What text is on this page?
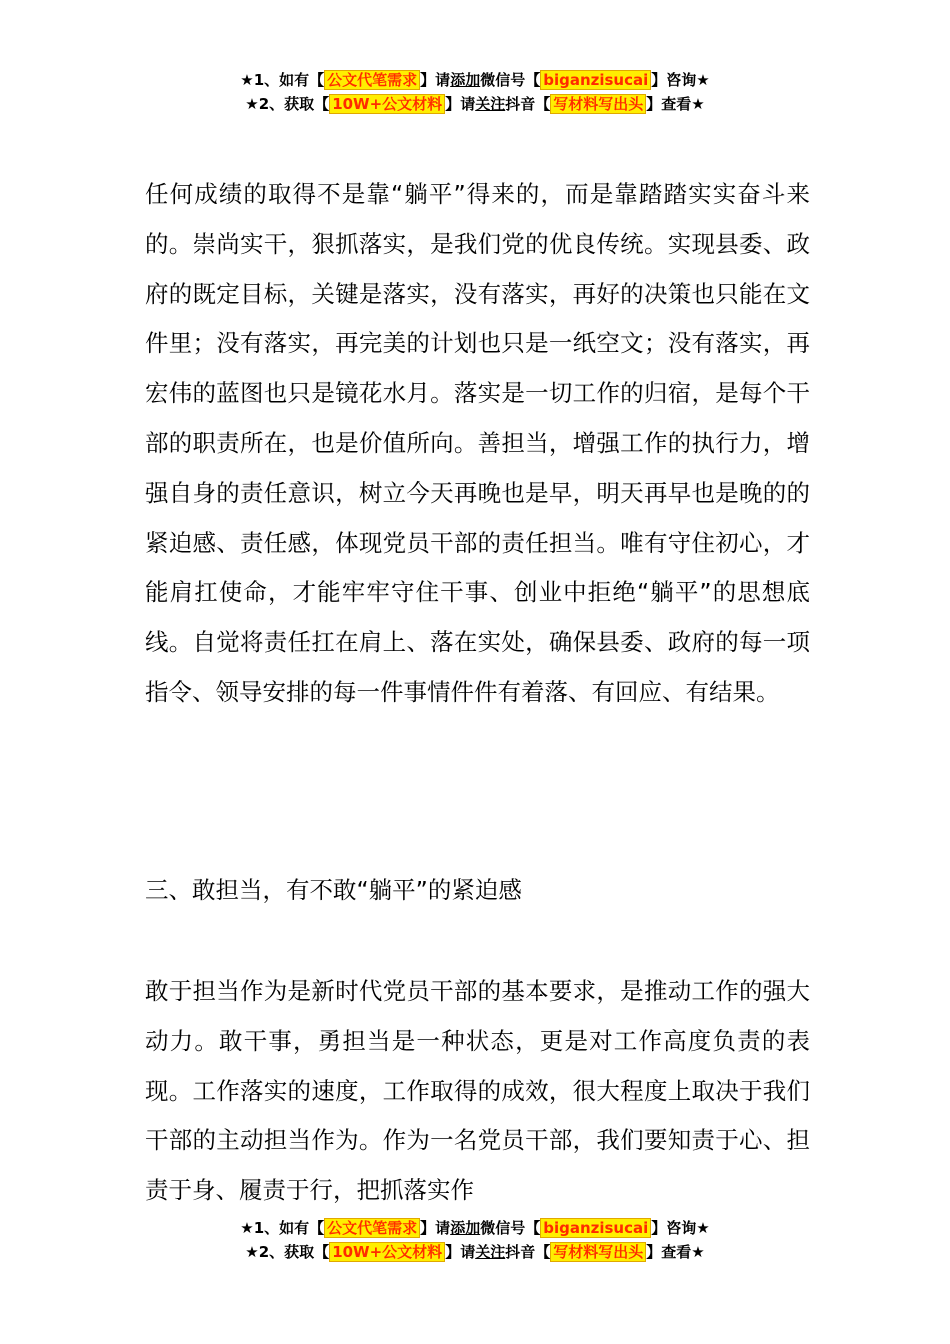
★1、如有【 公文代笔需求 】请添加微信号【 biganzisucai 】咨询★
★2、获取【 10W+公文材料 】请关注抖音【 写材料写出头 】查看★

任何成绩的取得不是靠“躺平”得来的，而是靠踏踏实实奋斗来的。崇尚实干，狠抓落实，是我们党的优良传统。实现县委、政府的既定目标，关键是落实，没有落实，再好的决策也只能在文件里；没有落实，再完美的计划也只是一纸空文；没有落实，再宏伟的蓝图也只是镜花水月。落实是一切工作的归宿，是每个干部的职责所在，也是价值所向。善担当，增强工作的执行力，增强自身的责任意识，树立今天再晚也是早，明天再早也是晚的的紧迫感、责任感，体现党员干部的责任担当。唯有守住初心，才能肩扛使命，才能牢牢守住干事、创业中拒绝“躺平”的思想底线。自觉将责任扛在肩上、落在实处，确保县委、政府的每一项指令、领导安排的每一件事情件件有着落、有回应、有结果。

三、敢担当，有不敢“躺平”的紧迫感

敢于担当作为是新时代党员干部的基本要求，是推动工作的强大动力。敢干事，勇担当是一种状态，更是对工作高度负责的表现。工作落实的速度，工作取得的成效，很大程度上取决于我们干部的主动担当作为。作为一名党员干部，我们要知责于心、担责于身、履责于行，把抓落实作

★1、如有【 公文代笔需求 】请添加微信号【 biganzisucai 】咨询★
★2、获取【 10W+公文材料 】请关注抖音【 写材料写出头 】查看★
